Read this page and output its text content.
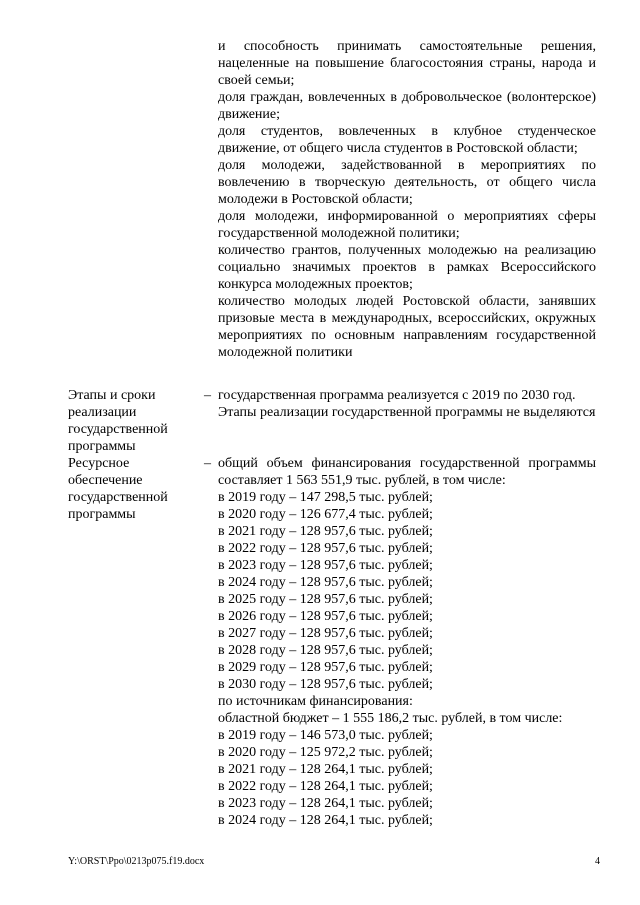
и способность принимать самостоятельные решения, нацеленные на повышение благосостояния страны, народа и своей семьи;

доля граждан, вовлеченных в добровольческое (волонтерское) движение;

доля студентов, вовлеченных в клубное студенческое движение, от общего числа студентов в Ростовской области;

доля молодежи, задействованной в мероприятиях по вовлечению в творческую деятельность, от общего числа молодежи в Ростовской области;

доля молодежи, информированной о мероприятиях сферы государственной молодежной политики;

количество грантов, полученных молодежью на реализацию социально значимых проектов в рамках Всероссийского конкурса молодежных проектов;

количество молодых людей Ростовской области, занявших призовые места в международных, всероссийских, окружных мероприятиях по основным направлениям государственной молодежной политики

Этапы и сроки реализации государственной программы
– государственная программа реализуется с 2019 по 2030 год.

Этапы реализации государственной программы не выделяются

Ресурсное обеспечение государственной программы
– общий объем финансирования государственной программы составляет 1 563 551,9 тыс. рублей, в том числе:

в 2019 году – 147 298,5 тыс. рублей;

в 2020 году – 126 677,4 тыс. рублей;

в 2021 году – 128 957,6 тыс. рублей;

в 2022 году – 128 957,6 тыс. рублей;

в 2023 году – 128 957,6 тыс. рублей;

в 2024 году – 128 957,6 тыс. рублей;

в 2025 году – 128 957,6 тыс. рублей;

в 2026 году – 128 957,6 тыс. рублей;

в 2027 году – 128 957,6 тыс. рублей;

в 2028 году – 128 957,6 тыс. рублей;

в 2029 году – 128 957,6 тыс. рублей;

в 2030 году – 128 957,6 тыс. рублей;

по источникам финансирования:

областной бюджет – 1 555 186,2 тыс. рублей, в том числе:

в 2019 году – 146 573,0 тыс. рублей;

в 2020 году – 125 972,2 тыс. рублей;

в 2021 году – 128 264,1 тыс. рублей;

в 2022 году – 128 264,1 тыс. рублей;

в 2023 году – 128 264,1 тыс. рублей;

в 2024 году – 128 264,1 тыс. рублей;

Y:\ORST\Ppo\0213p075.f19.docx	4
